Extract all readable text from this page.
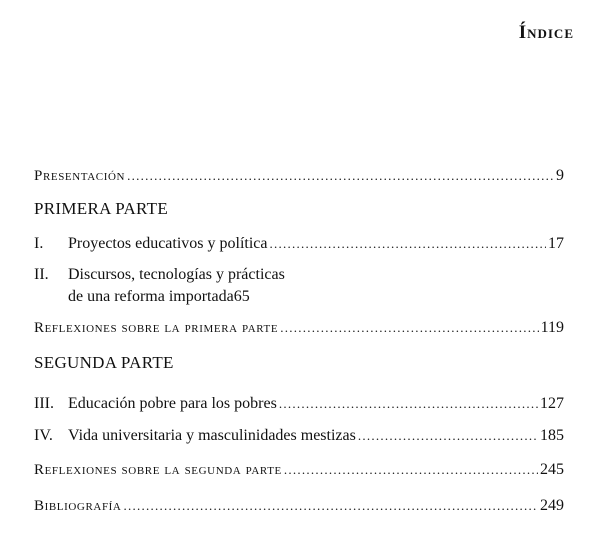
Índice
Presentación . . .	9
PRIMERA PARTE
I. Proyectos educativos y política . . .	17
II. Discursos, tecnologías y prácticas
de una reforma importada 65
Reflexiones sobre la primera parte . . .	119
SEGUNDA PARTE
III. Educación pobre para los pobres . . .	127
IV. Vida universitaria y masculinidades mestizas . . .	185
Reflexiones sobre la segunda parte . . .	245
Bibliografía . . .	249
